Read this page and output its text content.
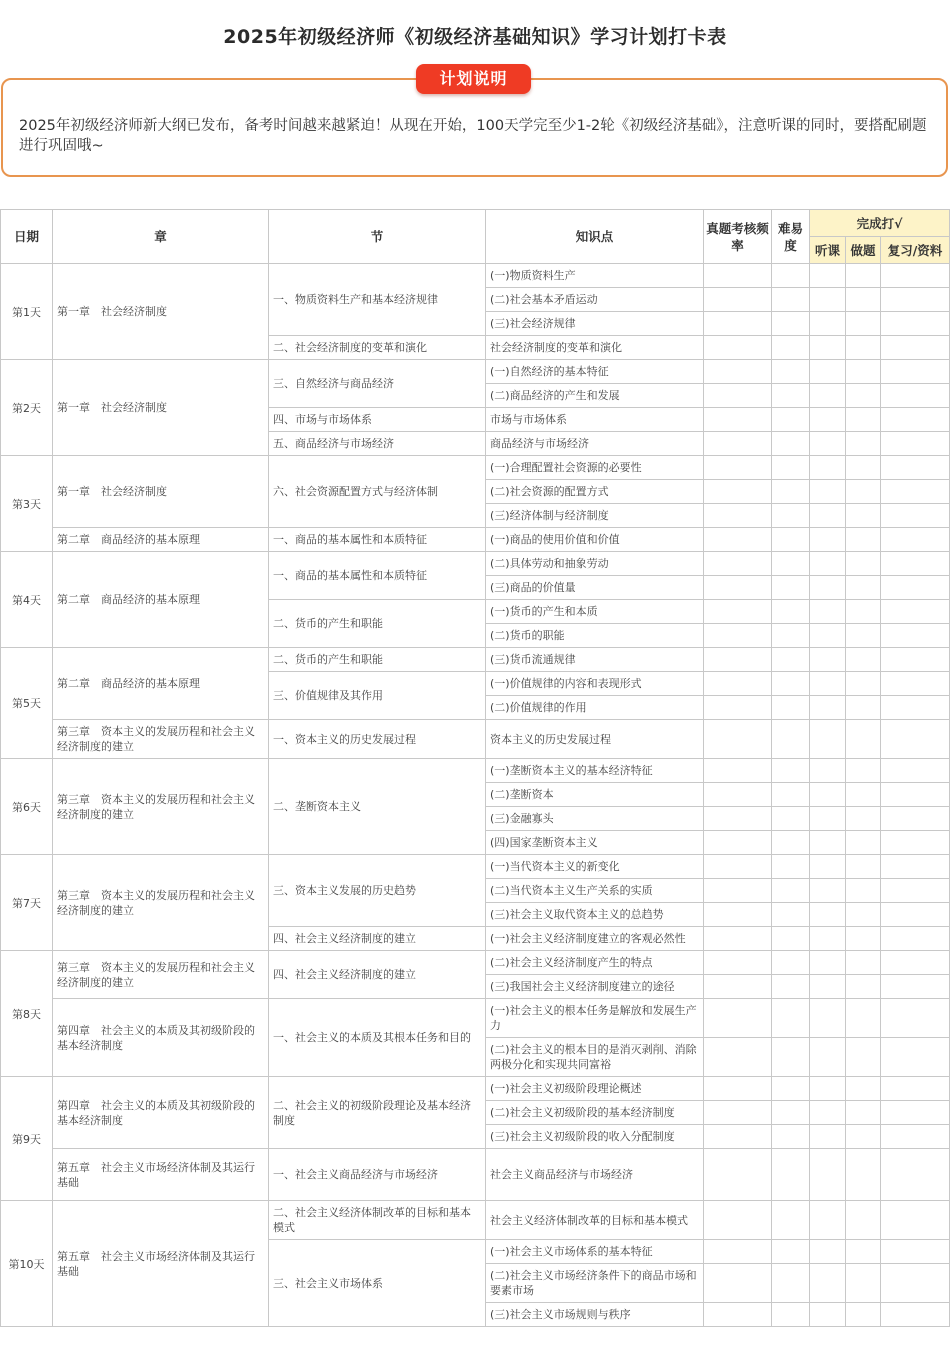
2025年初级经济师《初级经济基础知识》学习计划打卡表
2025年初级经济师新大纲已发布，备考时间越来越紧迫！从现在开始，100天学完至少1-2轮《初级经济基础》，注意听课的同时，要搭配刷题进行巩固哦~
计划说明
日期	章	节	知识点	真题考核频率	难易度	完成打√		
						听课	做题	复习/资料
第1天	第一章　社会经济制度	一、物质资料生产和基本经济规律	(一)物质资料生产					
			(二)社会基本矛盾运动					
			(三)社会经济规律					
		二、社会经济制度的变革和演化	社会经济制度的变革和演化					
第2天	第一章　社会经济制度	三、自然经济与商品经济	(一)自然经济的基本特征					
			(二)商品经济的产生和发展					
		四、市场与市场体系	市场与市场体系					
		五、商品经济与市场经济	商品经济与市场经济					
第3天	第一章　社会经济制度	六、社会资源配置方式与经济体制	(一)合理配置社会资源的必要性					
			(二)社会资源的配置方式					
			(三)经济体制与经济制度					
	第二章　商品经济的基本原理	一、商品的基本属性和本质特征	(一)商品的使用价值和价值					
第4天	第二章　商品经济的基本原理	一、商品的基本属性和本质特征	(二)具体劳动和抽象劳动					
			(三)商品的价值量					
		二、货币的产生和职能	(一)货币的产生和本质					
			(二)货币的职能					
第5天	第二章　商品经济的基本原理	二、货币的产生和职能	(三)货币流通规律					
		三、价值规律及其作用	(一)价值规律的内容和表现形式					
			(二)价值规律的作用					
	第三章　资本主义的发展历程和社会主义经济制度的建立	一、资本主义的历史发展过程	资本主义的历史发展过程					
第6天	第三章　资本主义的发展历程和社会主义经济制度的建立	二、垄断资本主义	(一)垄断资本主义的基本经济特征					
			(二)垄断资本					
			(三)金融寡头					
			(四)国家垄断资本主义					
第7天	第三章　资本主义的发展历程和社会主义经济制度的建立	三、资本主义发展的历史趋势	(一)当代资本主义的新变化					
			(二)当代资本主义生产关系的实质					
			(三)社会主义取代资本主义的总趋势					
		四、社会主义经济制度的建立	(一)社会主义经济制度建立的客观必然性					
第8天	第三章　资本主义的发展历程和社会主义经济制度的建立	四、社会主义经济制度的建立	(二)社会主义经济制度产生的特点					
			(三)我国社会主义经济制度建立的途径					
	第四章　社会主义的本质及其初级阶段的基本经济制度	一、社会主义的本质及其根本任务和目的	(一)社会主义的根本任务是解放和发展生产力					
			(二)社会主义的根本目的是消灭剥削、消除两极分化和实现共同富裕					
第9天	第四章　社会主义的本质及其初级阶段的基本经济制度	二、社会主义的初级阶段理论及基本经济制度	(一)社会主义初级阶段理论概述					
			(二)社会主义初级阶段的基本经济制度					
			(三)社会主义初级阶段的收入分配制度					
	第五章　社会主义市场经济体制及其运行基础	一、社会主义商品经济与市场经济	社会主义商品经济与市场经济					
第10天	第五章　社会主义市场经济体制及其运行基础	二、社会主义经济体制改革的目标和基本模式	社会主义经济体制改革的目标和基本模式					
		三、社会主义市场体系	(一)社会主义市场体系的基本特征					
			(二)社会主义市场经济条件下的商品市场和要素市场					
			(三)社会主义市场规则与秩序					
